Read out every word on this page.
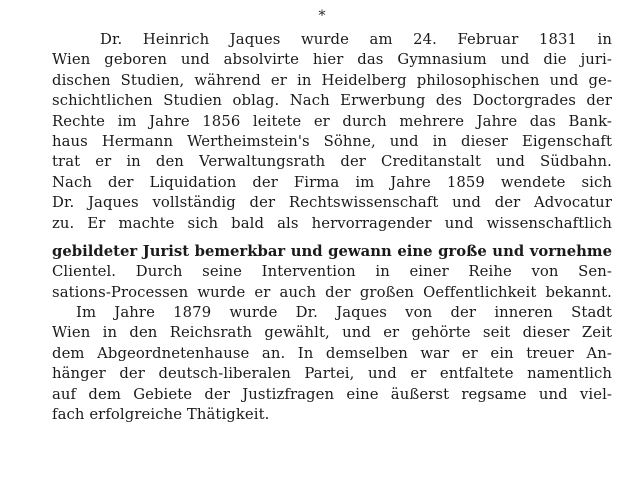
*
Dr. Heinrich Jaques wurde am 24. Februar 1831 in
Wien geboren und absolvirte hier das Gymnasium und die juri-
dischen Studien, während er in Heidelberg philosophischen und ge-
schichtlichen Studien oblag. Nach Erwerbung des Doctorgrades der
Rechte im Jahre 1856 leitete er durch mehrere Jahre das Bank-
haus Hermann Wertheimstein's Söhne, und in dieser Eigenschaft
trat er in den Verwaltungsrath der Creditanstalt und Südbahn.
Nach der Liquidation der Firma im Jahre 1859 wendete sich
Dr. Jaques vollständig der Rechtswissenschaft und der Advocatur
zu. Er machte sich bald als hervorragender und wissenschaftlich
gebildeter Jurist bemerkbar und gewann eine große und vornehme
Clientel. Durch seine Intervention in einer Reihe von Sen-
sations-Processen wurde er auch der großen Oeffentlichkeit bekannt.
Im Jahre 1879 wurde Dr. Jaques von der inneren Stadt
Wien in den Reichsrath gewählt, und er gehörte seit dieser Zeit
dem Abgeordnetenhause an. In demselben war er ein treuer An-
hänger der deutsch-liberalen Partei, und er entfaltete namentlich
auf dem Gebiete der Justizfragen eine äußerst regsame und viel-
fach erfolgreiche Thätigkeit.
